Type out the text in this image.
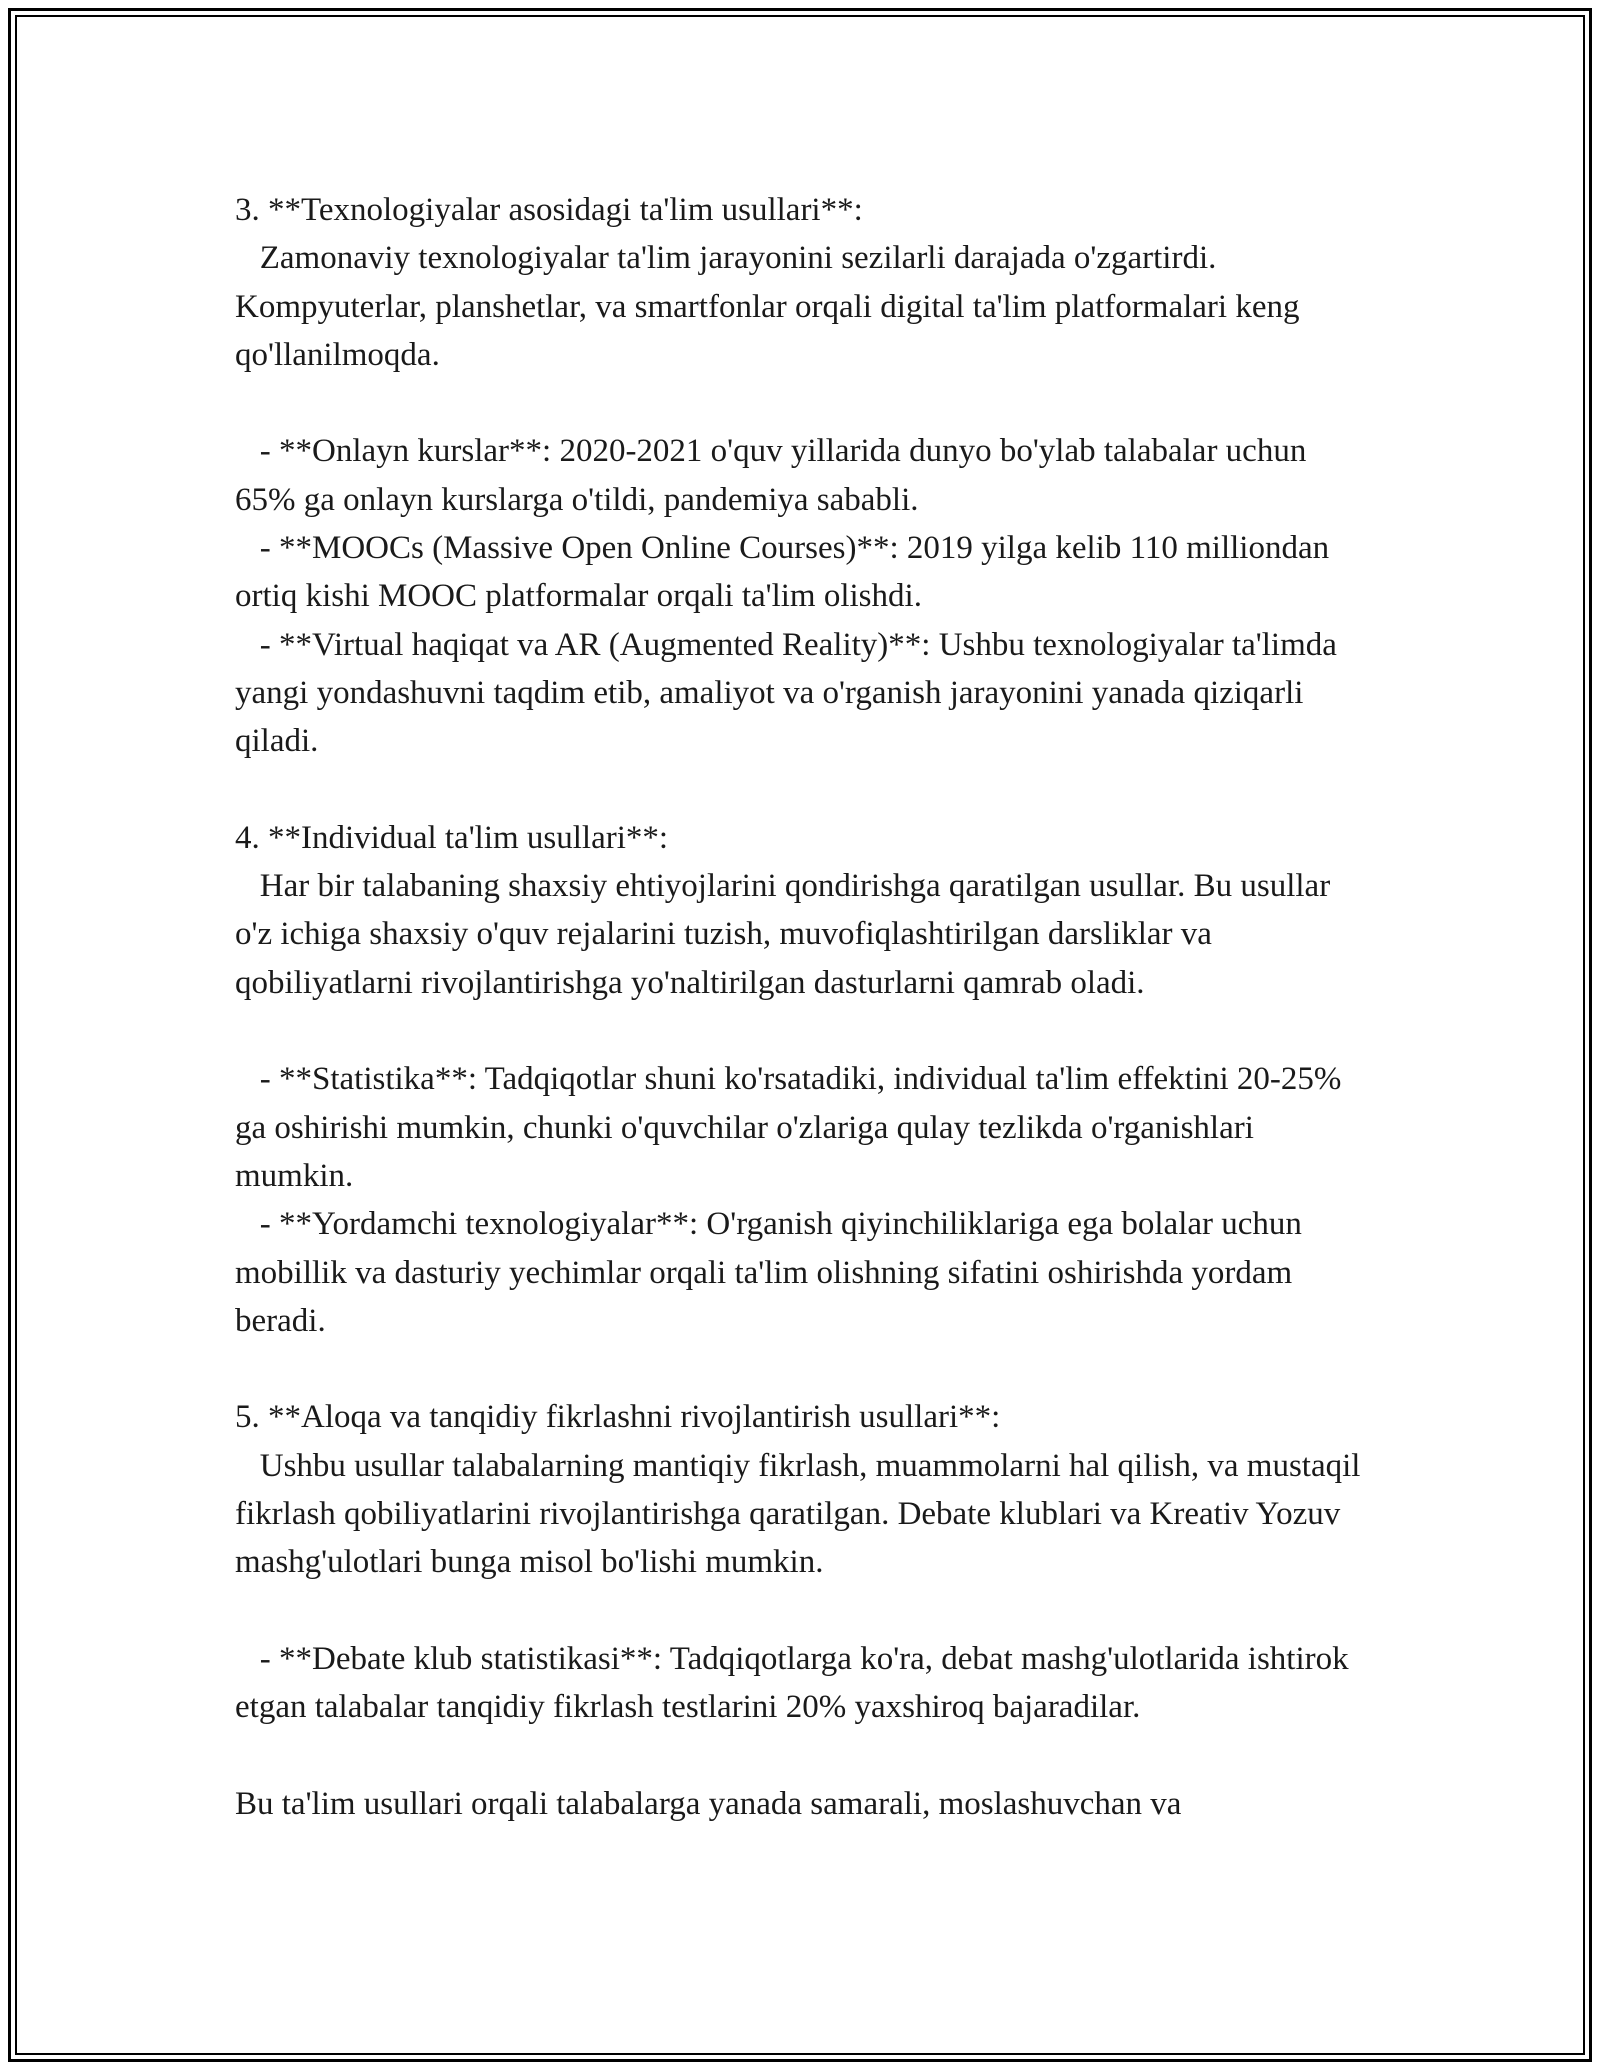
3. **Texnologiyalar asosidagi ta'lim usullari**:

Zamonaviy texnologiyalar ta'lim jarayonini sezilarli darajada o'zgartirdi. Kompyuterlar, planshetlar, va smartfonlar orqali digital ta'lim platformalari keng qo'llanilmoqda.

- **Onlayn kurslar**: 2020-2021 o'quv yillarida dunyo bo'ylab talabalar uchun 65% ga onlayn kurslarga o'tildi, pandemiya sababli.

- **MOOCs (Massive Open Online Courses)**: 2019 yilga kelib 110 milliondan ortiq kishi MOOC platformalar orqali ta'lim olishdi.

- **Virtual haqiqat va AR (Augmented Reality)**: Ushbu texnologiyalar ta'limda yangi yondashuvni taqdim etib, amaliyot va o'rganish jarayonini yanada qiziqarli qiladi.

4. **Individual ta'lim usullari**:

Har bir talabaning shaxsiy ehtiyojlarini qondirishga qaratilgan usullar. Bu usullar o'z ichiga shaxsiy o'quv rejalarini tuzish, muvofiqlashtirilgan darsliklar va qobiliyatlarni rivojlantirishga yo'naltirilgan dasturlarni qamrab oladi.

- **Statistika**: Tadqiqotlar shuni ko'rsatadiki, individual ta'lim effektini 20-25% ga oshirishi mumkin, chunki o'quvchilar o'zlariga qulay tezlikda o'rganishlari mumkin.

- **Yordamchi texnologiyalar**: O'rganish qiyinchiliklariga ega bolalar uchun mobillik va dasturiy yechimlar orqali ta'lim olishning sifatini oshirishda yordam beradi.

5. **Aloqa va tanqidiy fikrlashni rivojlantirish usullari**:

Ushbu usullar talabalarning mantiqiy fikrlash, muammolarni hal qilish, va mustaqil fikrlash qobiliyatlarini rivojlantirishga qaratilgan. Debate klublari va Kreativ Yozuv mashg'ulotlari bunga misol bo'lishi mumkin.

- **Debate klub statistikasi**: Tadqiqotlarga ko'ra, debat mashg'ulotlarida ishtirok etgan talabalar tanqidiy fikrlash testlarini 20% yaxshiroq bajaradilar.

Bu ta'lim usullari orqali talabalarga yanada samarali, moslashuvchan va
